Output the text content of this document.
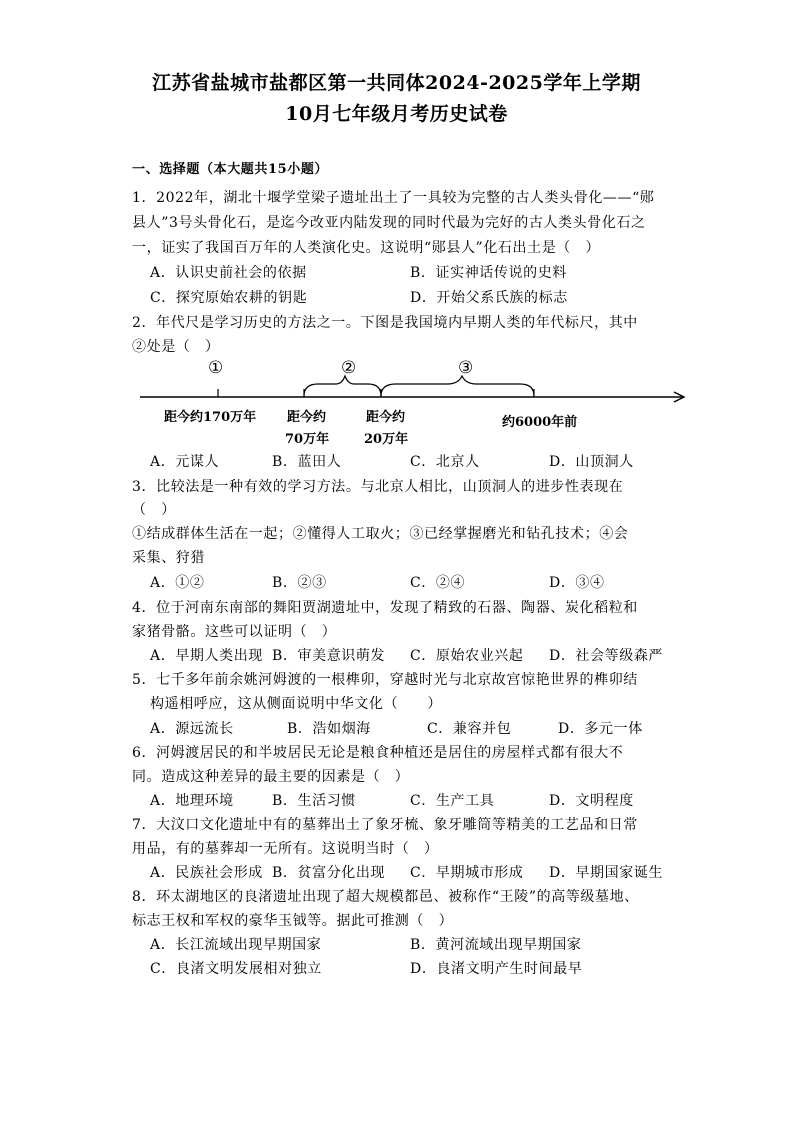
江苏省盐城市盐都区第一共同体2024-2025学年上学期
10月七年级月考历史试卷
一、选择题（本大题共15小题）
1．2022年，湖北十堰学堂梁子遗址出土了一具较为完整的古人类头骨化——“郧
县人”3号头骨化石，是迄今改亚内陆发现的同时代最为完好的古人类头骨化石之
一，证实了我国百万年的人类演化史。这说明“郧县人”化石出土是（　）
A．认识史前社会的依据	B．证实神话传说的史料
C．探究原始农耕的钥匙	D．开始父系氏族的标志
2．年代尺是学习历史的方法之一。下图是我国境内早期人类的年代标尺，其中
②处是（　）
①	②	③
距今约170万年 距今约
70万年
距今约
20万年
约6000年前
A．元谋人	B．蓝田人	C．北京人	D．山顶洞人
3．比较法是一种有效的学习方法。与北京人相比，山顶洞人的进步性表现在
（　）
①结成群体生活在一起；②懂得人工取火；③已经掌握磨光和钻孔技术；④会
采集、狩猎
A．①②	B．②③	C．②④	D．③④
4．位于河南东南部的舞阳贾湖遗址中，发现了精致的石器、陶器、炭化稻粒和
家猪骨骼。这些可以证明（　）
A．早期人类出现 B．审美意识萌发 C．原始农业兴起 D．社会等级森严
5．七千多年前余姚河姆渡的一根榫卯，穿越时光与北京故宫惊艳世界的榫卯结
构遥相呼应，这从侧面说明中华文化（　　）
A．源远流长	B．浩如烟海	C．兼容并包	D．多元一体
6．河姆渡居民的和半坡居民无论是粮食种植还是居住的房屋样式都有很大不
同。造成这种差异的最主要的因素是（　）
A．地理环境	B．生活习惯	C．生产工具	D．文明程度
7．大汶口文化遗址中有的墓葬出土了象牙梳、象牙雕筒等精美的工艺品和日常
用品，有的墓葬却一无所有。这说明当时（　）
A．民族社会形成 B．贫富分化出现 C．早期城市形成 D．早期国家诞生
8．环太湖地区的良渚遗址出现了超大规模都邑、被称作“王陵”的高等级墓地、
标志王权和军权的豪华玉钺等。据此可推测（　）
A．长江流域出现早期国家	B．黄河流域出现早期国家
C．良渚文明发展相对独立	D．良渚文明产生时间最早
